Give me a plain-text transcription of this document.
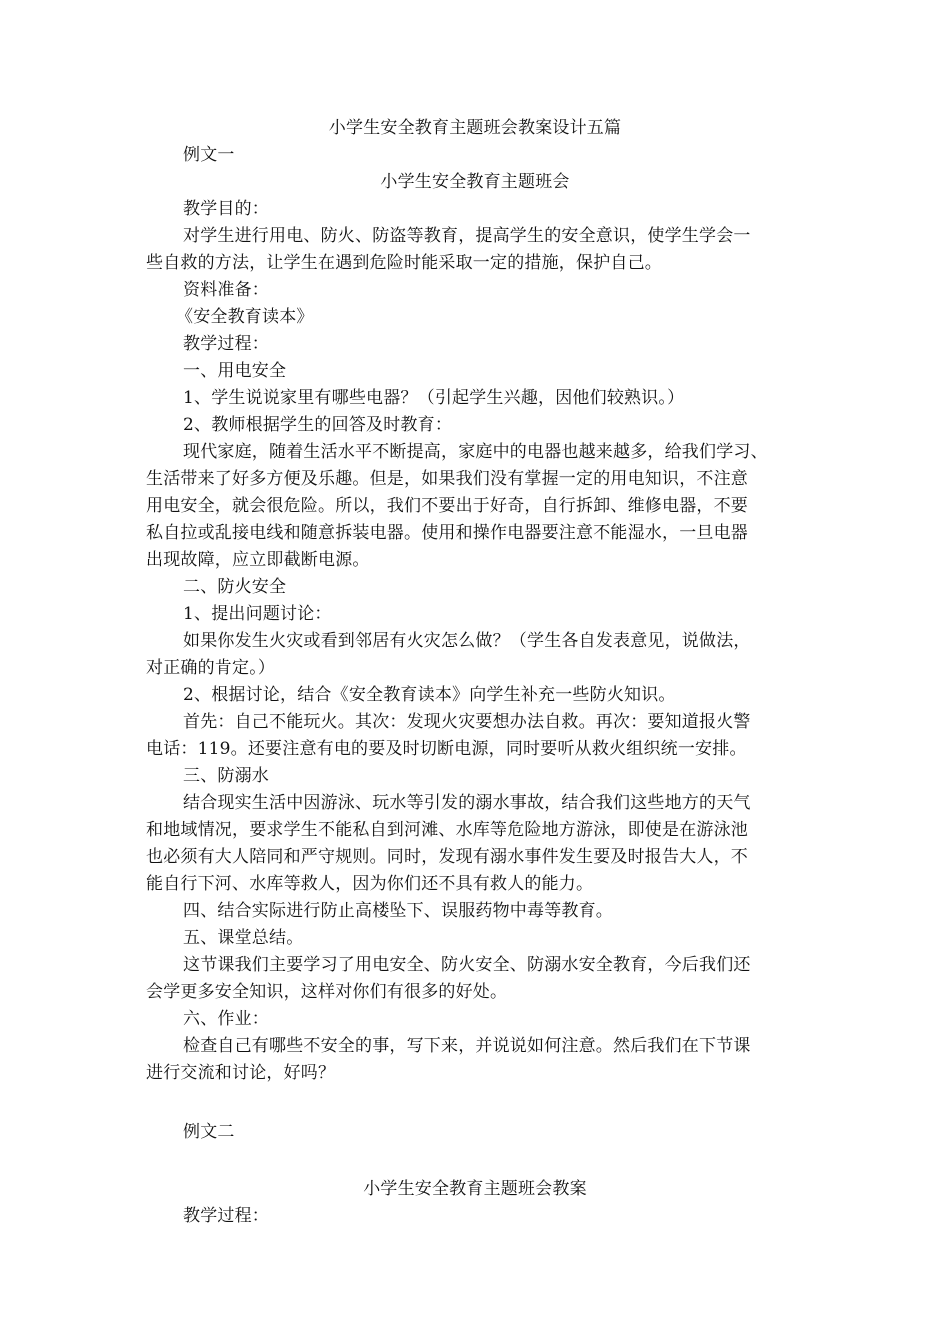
小学生安全教育主题班会教案设计五篇
例文一
小学生安全教育主题班会
教学目的：
对学生进行用电、防火、防盗等教育，提高学生的安全意识，使学生学会一
些自救的方法，让学生在遇到危险时能采取一定的措施，保护自己。
资料准备：
《安全教育读本》
教学过程：
一、用电安全
1、学生说说家里有哪些电器？（引起学生兴趣，因他们较熟识。）
2、教师根据学生的回答及时教育：
现代家庭，随着生活水平不断提高，家庭中的电器也越来越多，给我们学习、
生活带来了好多方便及乐趣。但是，如果我们没有掌握一定的用电知识，不注意
用电安全，就会很危险。所以，我们不要出于好奇，自行拆卸、维修电器，不要
私自拉或乱接电线和随意拆装电器。使用和操作电器要注意不能湿水，一旦电器
出现故障，应立即截断电源。
二、防火安全
1、提出问题讨论：
如果你发生火灾或看到邻居有火灾怎么做？（学生各自发表意见，说做法，
对正确的肯定。）
2、根据讨论，结合《安全教育读本》向学生补充一些防火知识。
首先：自己不能玩火。其次：发现火灾要想办法自救。再次：要知道报火警
电话：119。还要注意有电的要及时切断电源，同时要听从救火组织统一安排。
三、防溺水
结合现实生活中因游泳、玩水等引发的溺水事故，结合我们这些地方的天气
和地域情况，要求学生不能私自到河滩、水库等危险地方游泳，即使是在游泳池
也必须有大人陪同和严守规则。同时，发现有溺水事件发生要及时报告大人，不
能自行下河、水库等救人，因为你们还不具有救人的能力。
四、结合实际进行防止高楼坠下、误服药物中毒等教育。
五、课堂总结。
这节课我们主要学习了用电安全、防火安全、防溺水安全教育，今后我们还
会学更多安全知识，这样对你们有很多的好处。
六、作业：
检查自己有哪些不安全的事，写下来，并说说如何注意。然后我们在下节课
进行交流和讨论，好吗？
例文二
小学生安全教育主题班会教案
教学过程：
